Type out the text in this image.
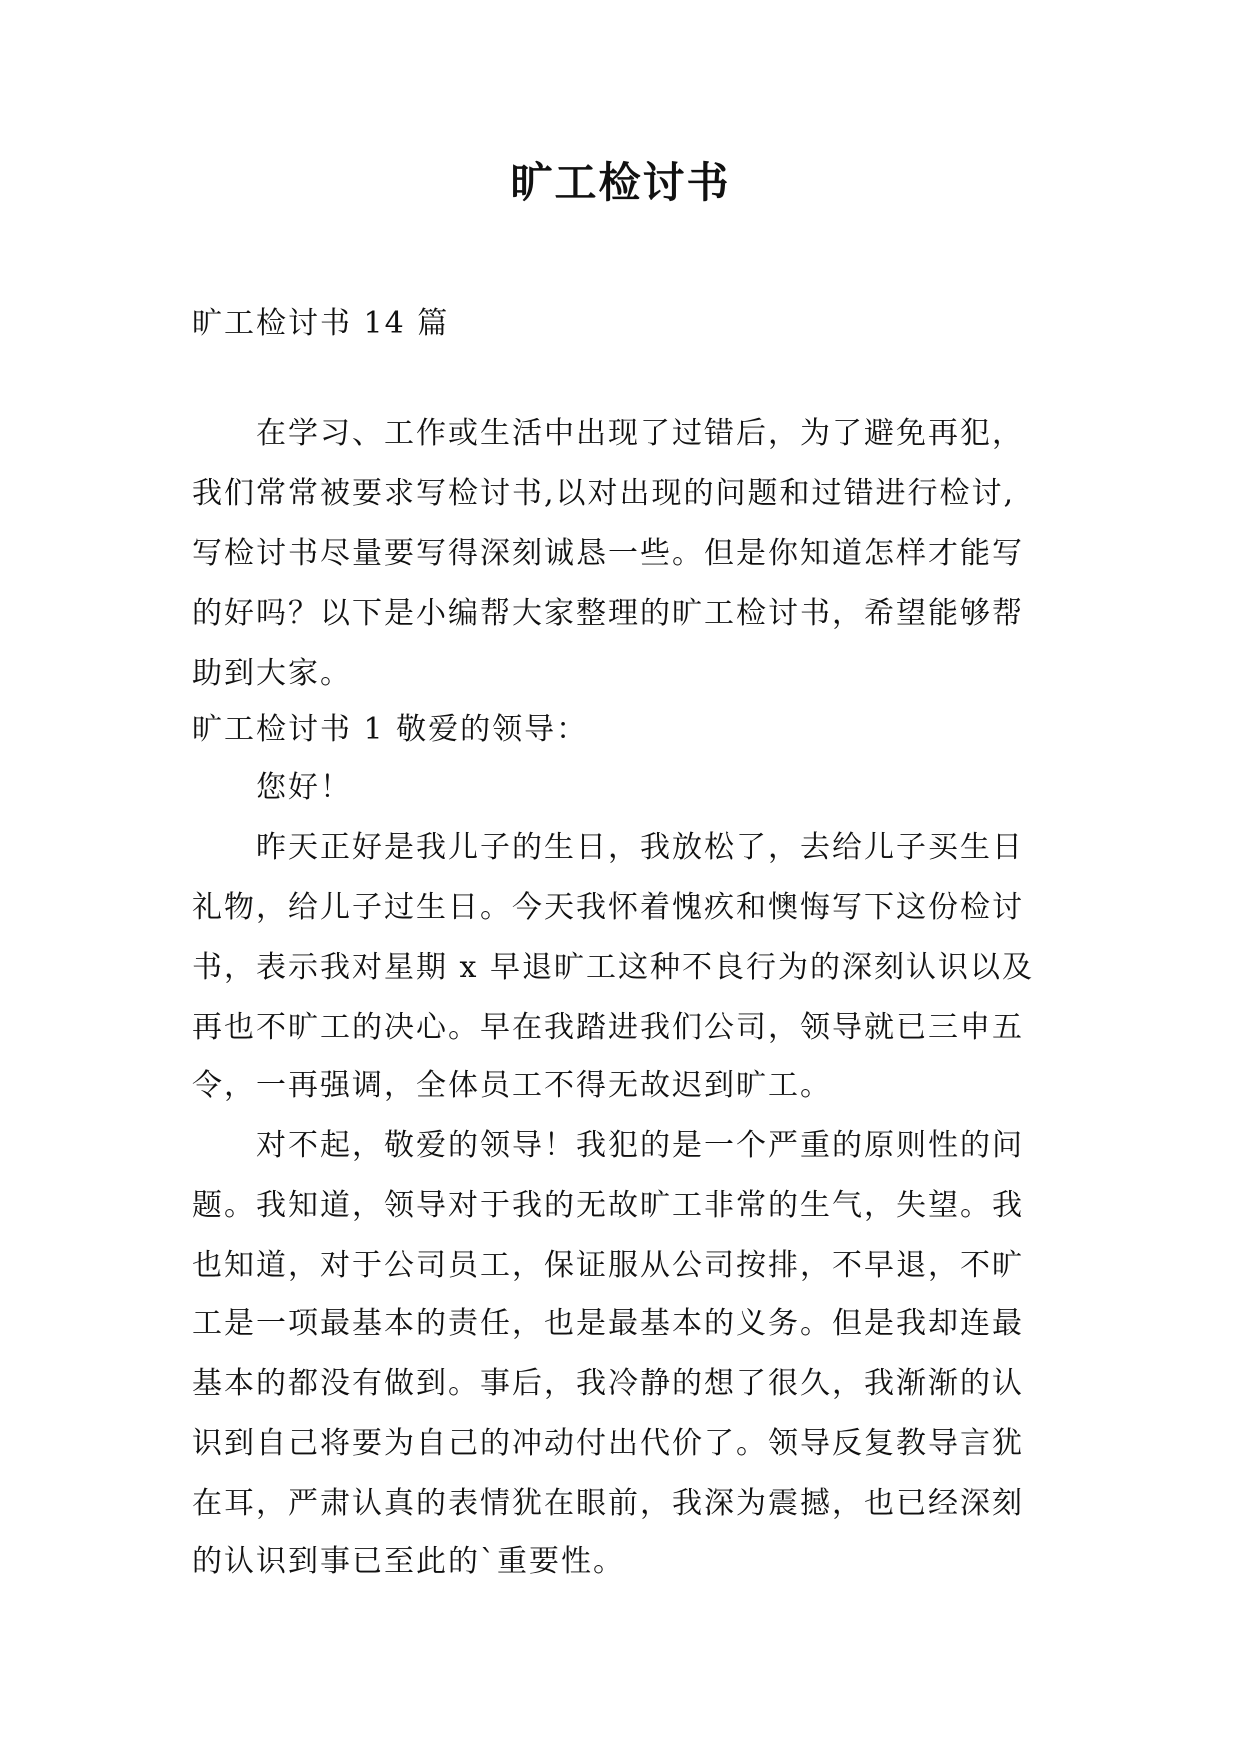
旷工检讨书
旷工检讨书 14 篇
在学习、工作或生活中出现了过错后，为了避免再犯，
我们常常被要求写检讨书,以对出现的问题和过错进行检讨,
写检讨书尽量要写得深刻诚恳一些。但是你知道怎样才能写
的好吗？以下是小编帮大家整理的旷工检讨书，希望能够帮
助到大家。
旷工检讨书 1 敬爱的领导：
您好！
昨天正好是我儿子的生日，我放松了，去给儿子买生日
礼物，给儿子过生日。今天我怀着愧疚和懊悔写下这份检讨
书，表示我对星期 x 早退旷工这种不良行为的深刻认识以及
再也不旷工的决心。早在我踏进我们公司，领导就已三申五
令，一再强调，全体员工不得无故迟到旷工。
对不起，敬爱的领导！我犯的是一个严重的原则性的问
题。我知道，领导对于我的无故旷工非常的生气，失望。我
也知道，对于公司员工，保证服从公司按排，不早退，不旷
工是一项最基本的责任，也是最基本的义务。但是我却连最
基本的都没有做到。事后，我冷静的想了很久，我渐渐的认
识到自己将要为自己的冲动付出代价了。领导反复教导言犹
在耳，严肃认真的表情犹在眼前，我深为震撼，也已经深刻
的认识到事已至此的`重要性。
